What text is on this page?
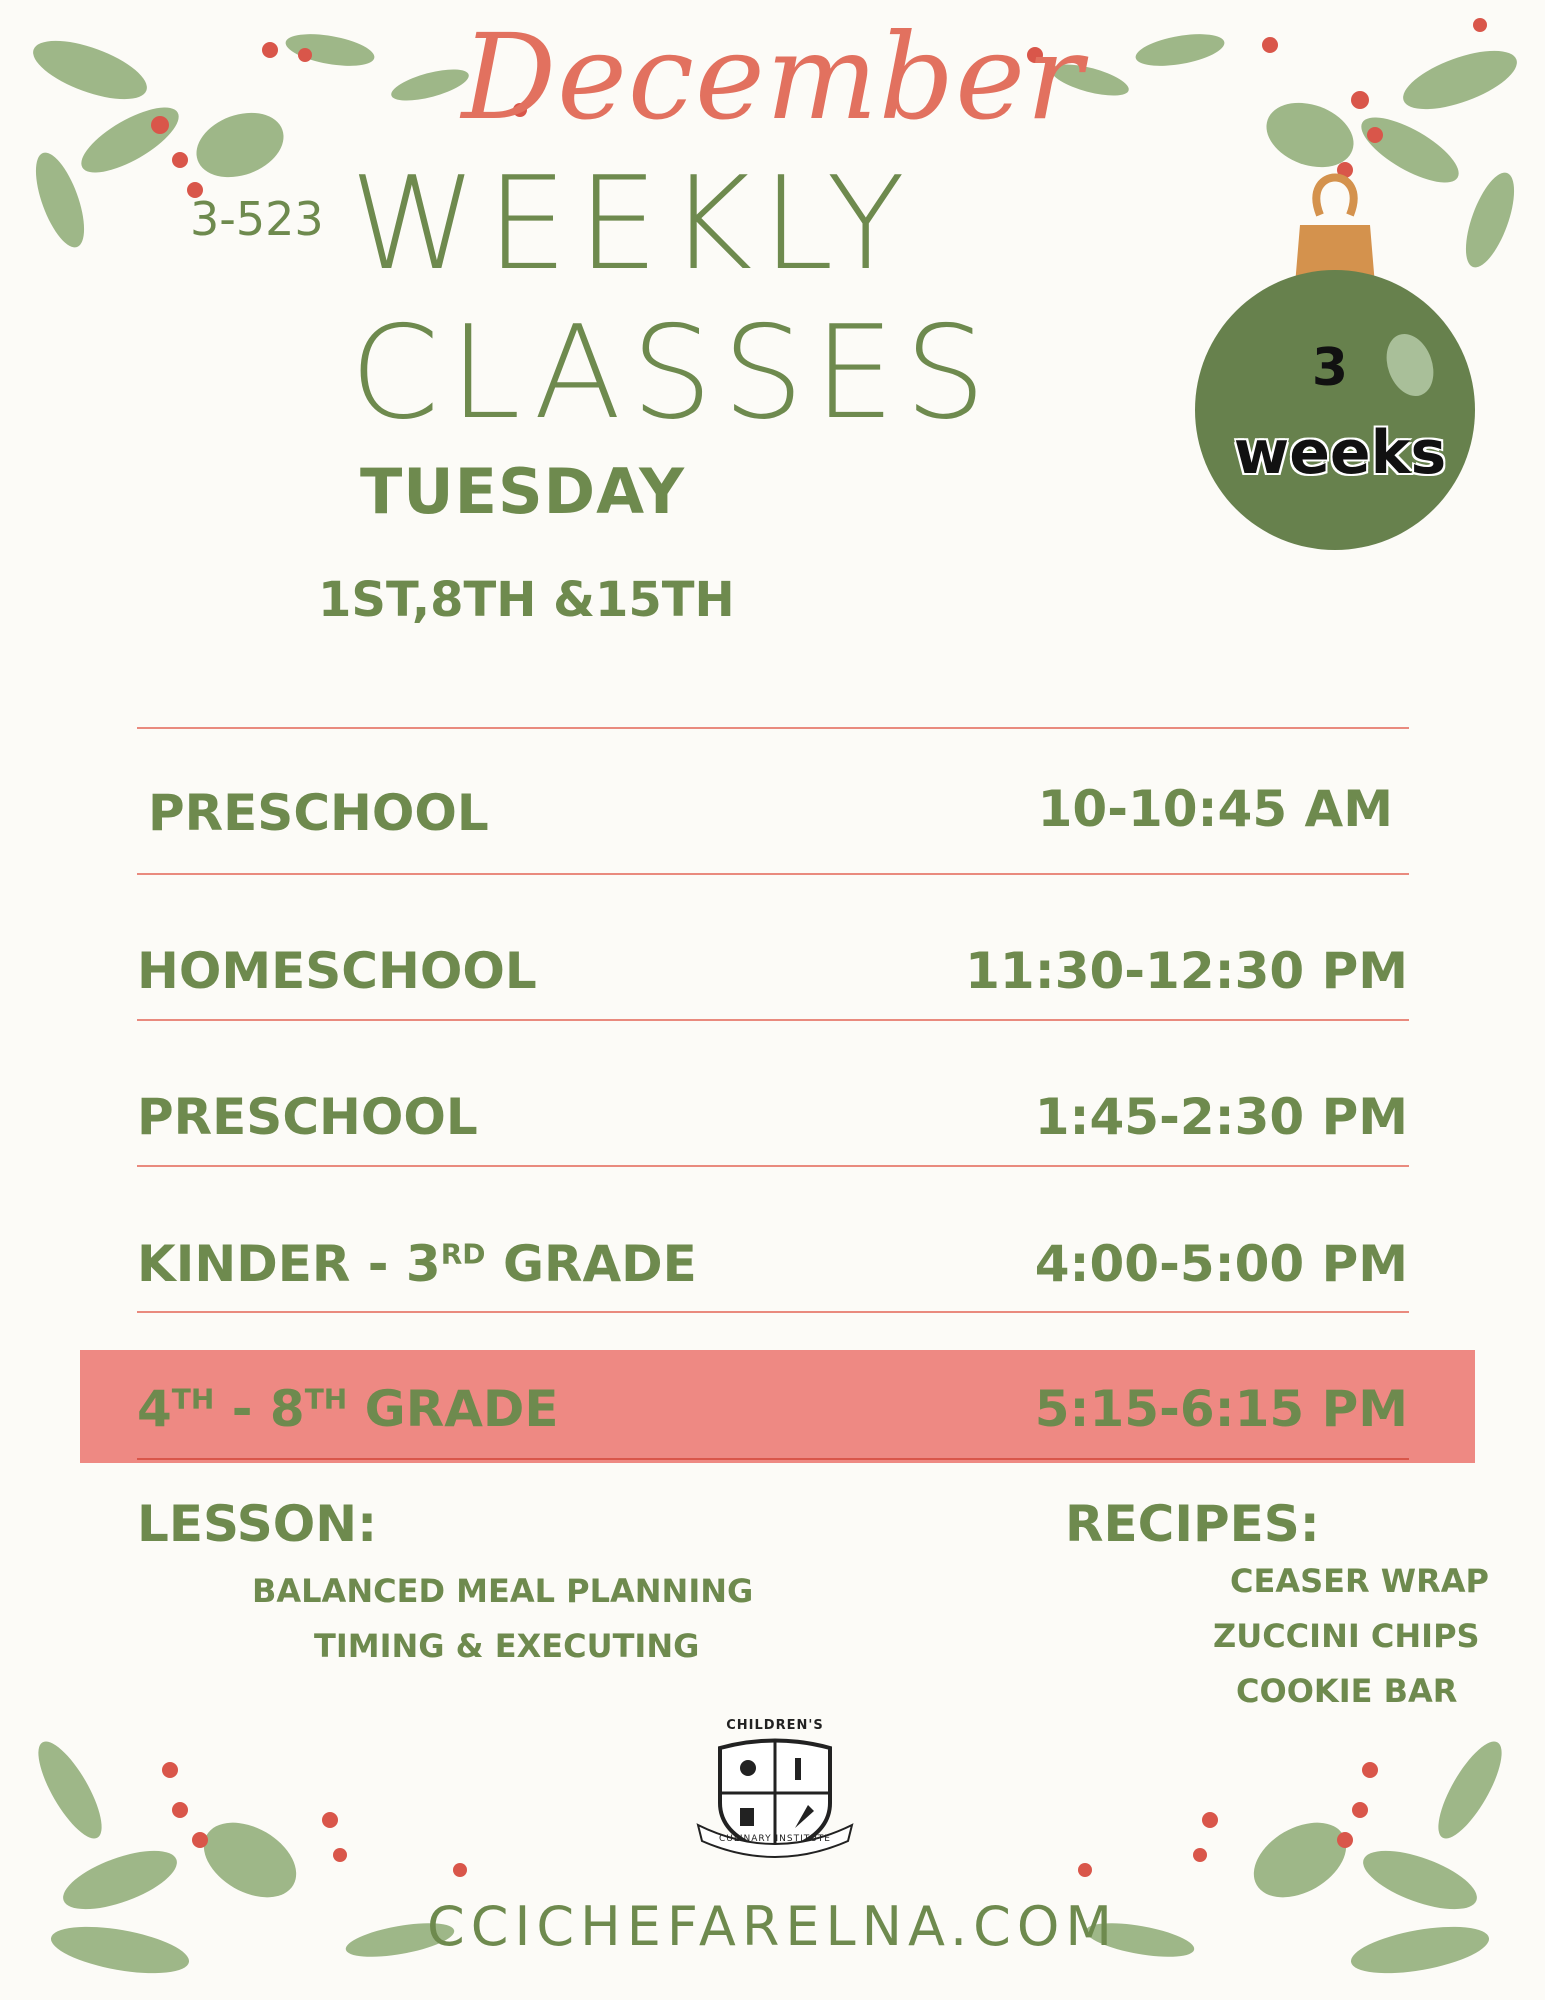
December
3-523 WEEKLY CLASSES	3
weeks
TUESDAY
1ST,8TH &15TH
PRESCHOOL	10-10:45 AM
HOMESCHOOL	11:30-12:30 PM
PRESCHOOL	1:45-2:30 PM
KINDER - 3RD GRADE	4:00-5:00 PM
4TH - 8TH GRADE	5:15-6:15 PM
LESSON:
BALANCED MEAL PLANNING
TIMING & EXECUTING
RECIPES:
CEASER WRAP
ZUCCINI CHIPS
COOKIE BAR
CHILDREN'S
CULINARY INSTITUTE
CCICHEFARELNA.COM
